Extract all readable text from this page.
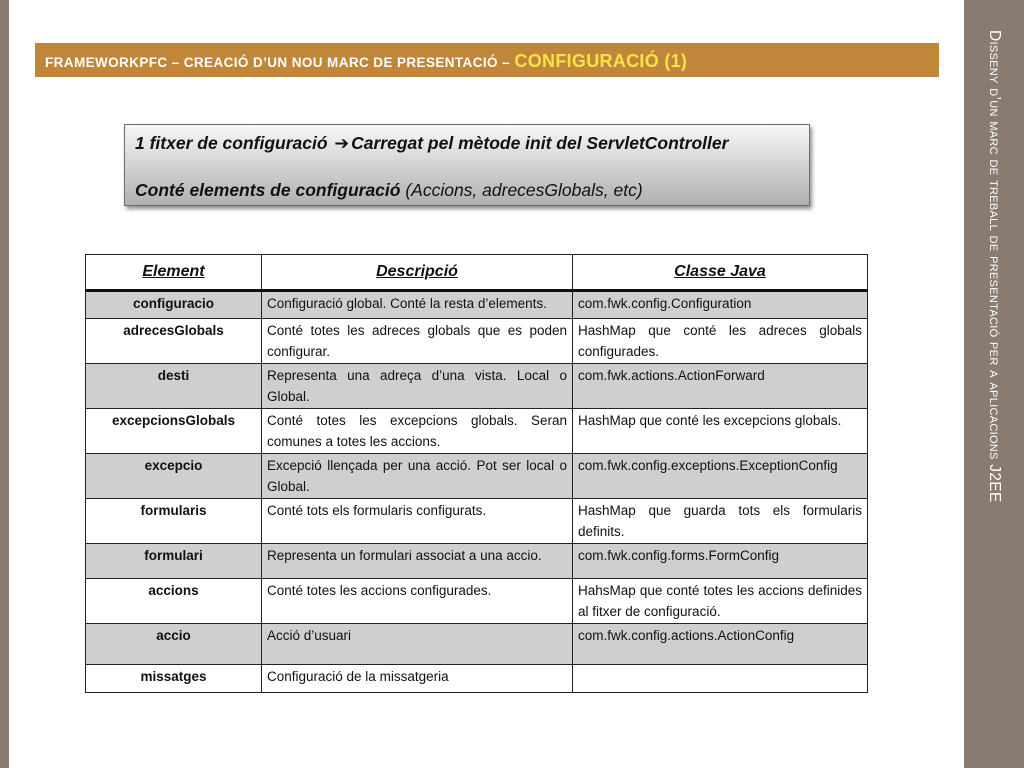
Disseny d’un marc de treball de presentació per a aplicacions J2EE
FRAMEWORKPFC – CREACIÓ D’UN NOU MARC DE PRESENTACIÓ – CONFIGURACIÓ (1)
1 fitxer de configuració ➔ Carregat pel mètode init del ServletController
Conté elements de configuració (Accions, adrecesGlobals, etc)
Element	Descripció	Classe Java
configuracio	Configuració global. Conté la resta d’elements.	com.fwk.config.Configuration
adrecesGlobals	Conté totes les adreces globals que es poden configurar.	HashMap que conté les adreces globals configurades.
desti	Representa una adreça d’una vista. Local o Global.	com.fwk.actions.ActionForward
excepcionsGlobals	Conté totes les excepcions globals. Seran comunes a totes les accions.	HashMap que conté les excepcions globals.
excepcio	Excepció llençada per una acció. Pot ser local o Global.	com.fwk.config.exceptions.ExceptionConfig
formularis	Conté tots els formularis configurats.	HashMap que guarda tots els formularis definits.
formulari	Representa un formulari associat a una accio.	com.fwk.config.forms.FormConfig
accions	Conté totes les accions configurades.	HahsMap que conté totes les accions definides al fitxer de configuració.
accio	Acció d’usuari	com.fwk.config.actions.ActionConfig
missatges	Configuració de la missatgeria	
